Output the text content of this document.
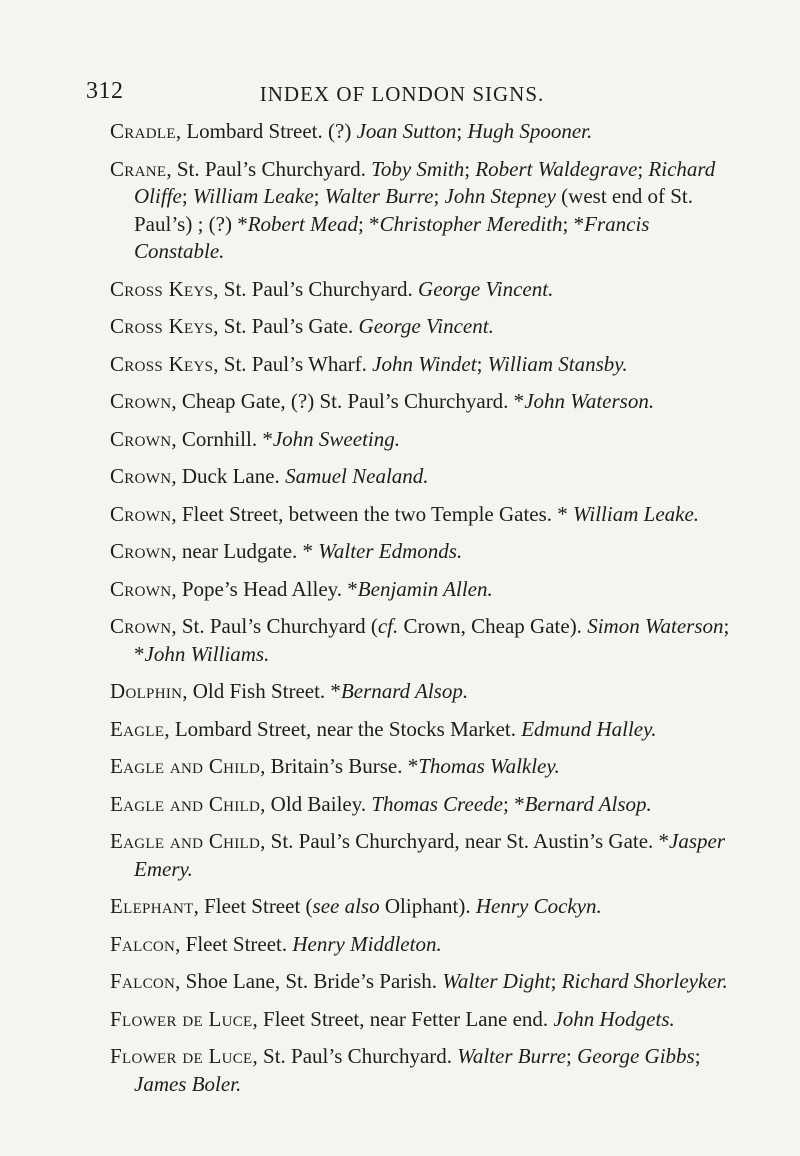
312	INDEX OF LONDON SIGNS.
Cradle, Lombard Street. (?) Joan Sutton; Hugh Spooner.
Crane, St. Paul’s Churchyard. Toby Smith; Robert Waldegrave; Richard Oliffe; William Leake; Walter Burre; John Stepney (west end of St. Paul’s) ; (?) *Robert Mead; *Christopher Meredith; *Francis Constable.
Cross Keys, St. Paul’s Churchyard. George Vincent.
Cross Keys, St. Paul’s Gate. George Vincent.
Cross Keys, St. Paul’s Wharf. John Windet; William Stansby.
Crown, Cheap Gate, (?) St. Paul’s Churchyard. *John Waterson.
Crown, Cornhill. *John Sweeting.
Crown, Duck Lane. Samuel Nealand.
Crown, Fleet Street, between the two Temple Gates. * William Leake.
Crown, near Ludgate. * Walter Edmonds.
Crown, Pope’s Head Alley. *Benjamin Allen.
Crown, St. Paul’s Churchyard (cf. Crown, Cheap Gate). Simon Waterson; *John Williams.
Dolphin, Old Fish Street. *Bernard Alsop.
Eagle, Lombard Street, near the Stocks Market. Edmund Halley.
Eagle and Child, Britain’s Burse. *Thomas Walkley.
Eagle and Child, Old Bailey. Thomas Creede; *Bernard Alsop.
Eagle and Child, St. Paul’s Churchyard, near St. Austin’s Gate. *Jasper Emery.
Elephant, Fleet Street (see also Oliphant). Henry Cockyn.
Falcon, Fleet Street. Henry Middleton.
Falcon, Shoe Lane, St. Bride’s Parish. Walter Dight; Richard Shorleyker.
Flower de Luce, Fleet Street, near Fetter Lane end. John Hodgets.
Flower de Luce, St. Paul’s Churchyard. Walter Burre; George Gibbs; James Boler.
